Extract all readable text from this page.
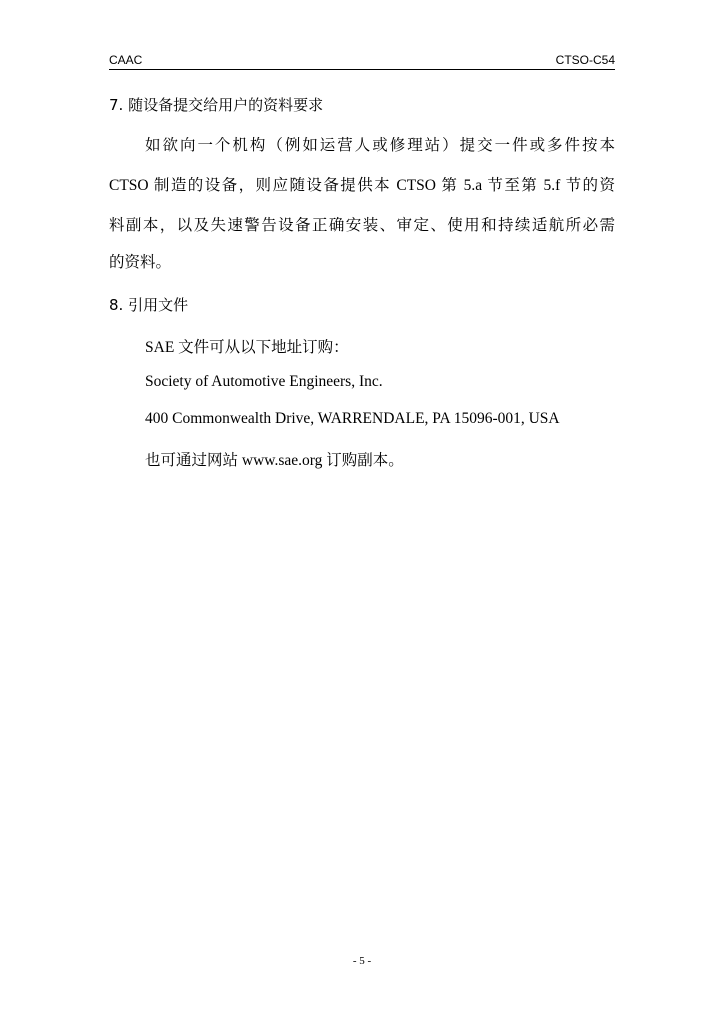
CAAC	CTSO-C54
7. 随设备提交给用户的资料要求
如欲向一个机构（例如运营人或修理站）提交一件或多件按本
CTSO 制造的设备，则应随设备提供本 CTSO 第 5.a 节至第 5.f 节的资
料副本，以及失速警告设备正确安装、审定、使用和持续适航所必需
的资料。
8. 引用文件
SAE 文件可从以下地址订购：
Society of Automotive Engineers, Inc.
400 Commonwealth Drive, WARRENDALE, PA 15096-001, USA
也可通过网站 www.sae.org 订购副本。
- 5 -
